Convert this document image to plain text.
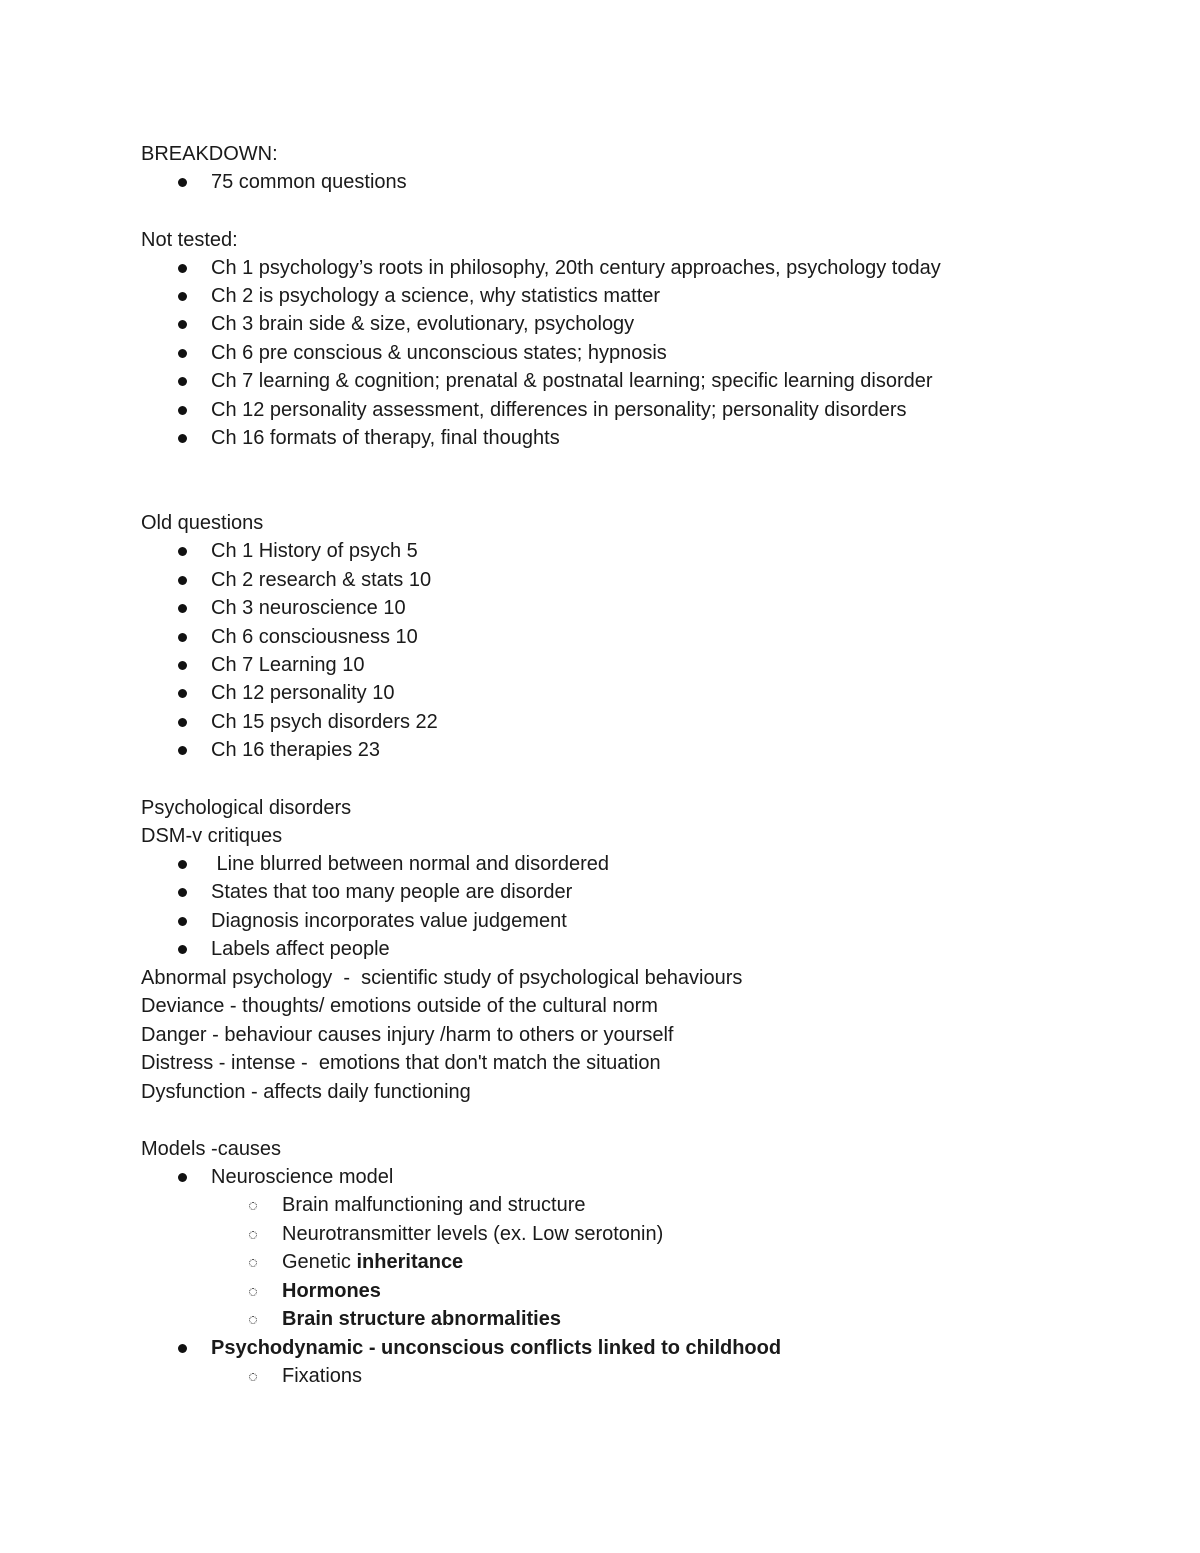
BREAKDOWN:
75 common questions
Not tested:
Ch 1 psychology’s roots in philosophy, 20th century approaches, psychology today
Ch 2 is psychology a science, why statistics matter
Ch 3 brain side & size, evolutionary, psychology
Ch 6 pre conscious & unconscious states; hypnosis
Ch 7 learning & cognition; prenatal & postnatal learning; specific learning disorder
Ch 12 personality assessment, differences in personality; personality disorders
Ch 16 formats of therapy, final thoughts
Old questions
Ch 1 History of psych 5
Ch 2 research & stats 10
Ch 3 neuroscience 10
Ch 6 consciousness 10
Ch 7 Learning 10
Ch 12 personality 10
Ch 15 psych disorders 22
Ch 16 therapies 23
Psychological disorders
DSM-v critiques
Line blurred between normal and disordered
States that too many people are disorder
Diagnosis incorporates value judgement
Labels affect people
Abnormal psychology  -  scientific study of psychological behaviours
Deviance - thoughts/ emotions outside of the cultural norm
Danger - behaviour causes injury /harm to others or yourself
Distress - intense -  emotions that don't match the situation
Dysfunction - affects daily functioning
Models -causes
Neuroscience model
Brain malfunctioning and structure
Neurotransmitter levels (ex. Low serotonin)
Genetic inheritance
Hormones
Brain structure abnormalities
Psychodynamic - unconscious conflicts linked to childhood
Fixations
